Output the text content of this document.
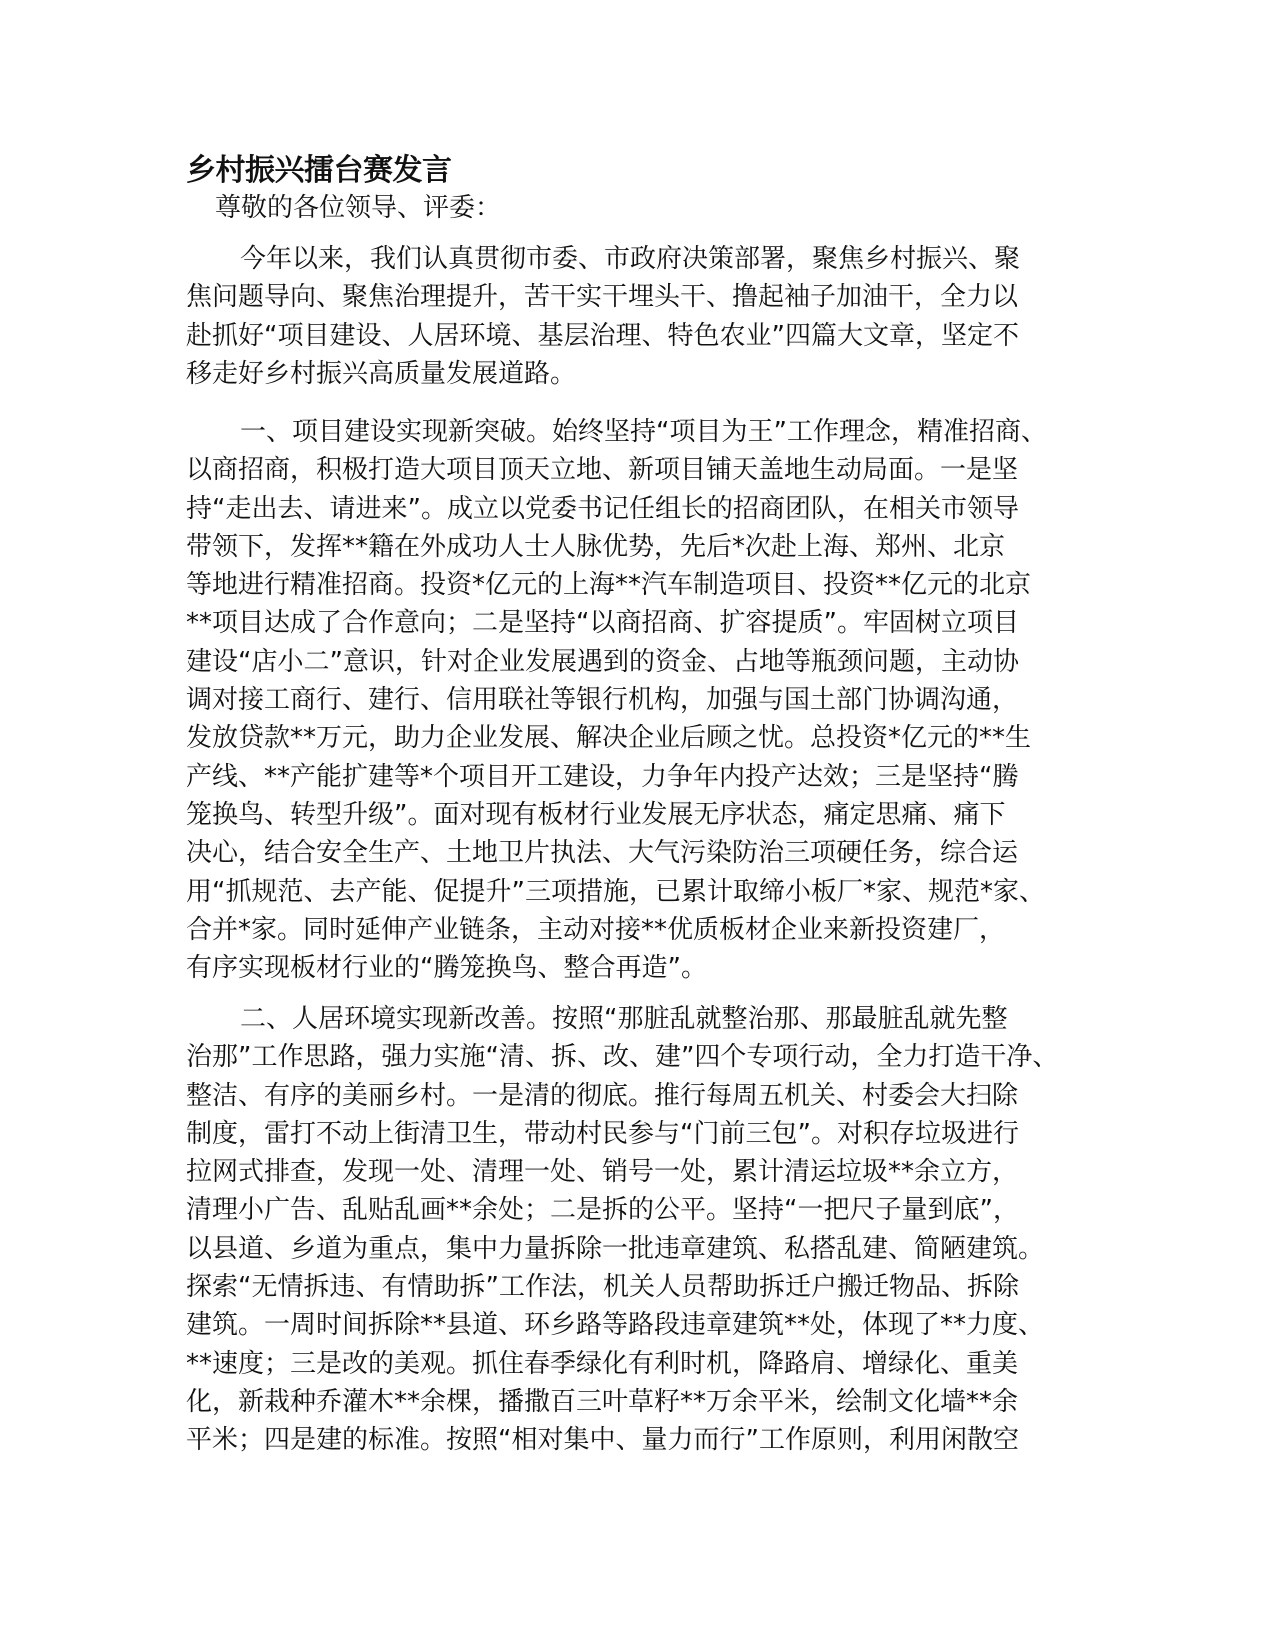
乡村振兴擂台赛发言
尊敬的各位领导、评委：
今年以来，我们认真贯彻市委、市政府决策部署，聚焦乡村振兴、聚
焦问题导向、聚焦治理提升，苦干实干埋头干、撸起袖子加油干，全力以
赴抓好“项目建设、人居环境、基层治理、特色农业”四篇大文章，坚定不
移走好乡村振兴高质量发展道路。
一、项目建设实现新突破。始终坚持“项目为王”工作理念，精准招商、
以商招商，积极打造大项目顶天立地、新项目铺天盖地生动局面。一是坚
持“走出去、请进来”。成立以党委书记任组长的招商团队，在相关市领导
带领下，发挥**籍在外成功人士人脉优势，先后*次赴上海、郑州、北京
等地进行精准招商。投资*亿元的上海**汽车制造项目、投资**亿元的北京
**项目达成了合作意向；二是坚持“以商招商、扩容提质”。牢固树立项目
建设“店小二”意识，针对企业发展遇到的资金、占地等瓶颈问题，主动协
调对接工商行、建行、信用联社等银行机构，加强与国土部门协调沟通，
发放贷款**万元，助力企业发展、解决企业后顾之忧。总投资*亿元的**生
产线、**产能扩建等*个项目开工建设，力争年内投产达效；三是坚持“腾
笼换鸟、转型升级”。面对现有板材行业发展无序状态，痛定思痛、痛下
决心，结合安全生产、土地卫片执法、大气污染防治三项硬任务，综合运
用“抓规范、去产能、促提升”三项措施，已累计取缔小板厂*家、规范*家、
合并*家。同时延伸产业链条，主动对接**优质板材企业来新投资建厂，
有序实现板材行业的“腾笼换鸟、整合再造”。
二、人居环境实现新改善。按照“那脏乱就整治那、那最脏乱就先整
治那”工作思路，强力实施“清、拆、改、建”四个专项行动，全力打造干净、
整洁、有序的美丽乡村。一是清的彻底。推行每周五机关、村委会大扫除
制度，雷打不动上街清卫生，带动村民参与“门前三包”。对积存垃圾进行
拉网式排查，发现一处、清理一处、销号一处，累计清运垃圾**余立方，
清理小广告、乱贴乱画**余处；二是拆的公平。坚持“一把尺子量到底”，
以县道、乡道为重点，集中力量拆除一批违章建筑、私搭乱建、简陋建筑。
探索“无情拆违、有情助拆”工作法，机关人员帮助拆迁户搬迁物品、拆除
建筑。一周时间拆除**县道、环乡路等路段违章建筑**处，体现了**力度、
**速度；三是改的美观。抓住春季绿化有利时机，降路肩、增绿化、重美
化，新栽种乔灌木**余棵，播撒百三叶草籽**万余平米，绘制文化墙**余
平米；四是建的标准。按照“相对集中、量力而行”工作原则，利用闲散空
